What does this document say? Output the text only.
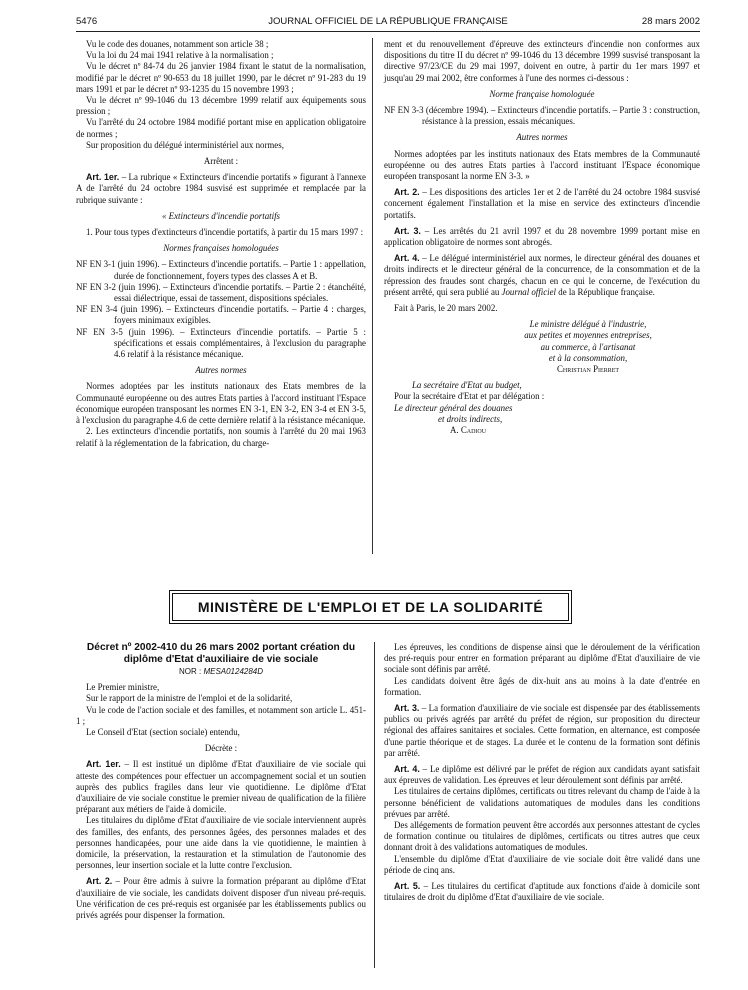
5476	JOURNAL OFFICIEL DE LA RÉPUBLIQUE FRANÇAISE	28 mars 2002

Vu le code des douanes, notamment son article 38 ;

Vu la loi du 24 mai 1941 relative à la normalisation ;

Vu le décret nº 84-74 du 26 janvier 1984 fixant le statut de la normalisation, modifié par le décret nº 90-653 du 18 juillet 1990, par le décret nº 91-283 du 19 mars 1991 et par le décret nº 93-1235 du 15 novembre 1993 ;

Vu le décret nº 99-1046 du 13 décembre 1999 relatif aux équipements sous pression ;

Vu l'arrêté du 24 octobre 1984 modifié portant mise en application obligatoire de normes ;

Sur proposition du délégué interministériel aux normes,

Arrêtent :

Art. 1er. – La rubrique « Extincteurs d'incendie portatifs » figurant à l'annexe A de l'arrêté du 24 octobre 1984 susvisé est supprimée et remplacée par la rubrique suivante :

« Extincteurs d'incendie portatifs

1. Pour tous types d'extincteurs d'incendie portatifs, à partir du 15 mars 1997 :

Normes françaises homologuées

NF EN 3-1 (juin 1996). – Extincteurs d'incendie portatifs. – Partie 1 : appellation, durée de fonctionnement, foyers types des classes A et B.

NF EN 3-2 (juin 1996). – Extincteurs d'incendie portatifs. – Partie 2 : étanchéité, essai diélectrique, essai de tassement, dispositions spéciales.

NF EN 3-4 (juin 1996). – Extincteurs d'incendie portatifs. – Partie 4 : charges, foyers minimaux exigibles.

NF EN 3-5 (juin 1996). – Extincteurs d'incendie portatifs. – Partie 5 : spécifications et essais complémentaires, à l'exclusion du paragraphe 4.6 relatif à la résistance mécanique.

Autres normes

Normes adoptées par les instituts nationaux des Etats membres de la Communauté européenne ou des autres Etats parties à l'accord instituant l'Espace économique européen transposant les normes EN 3-1, EN 3-2, EN 3-4 et EN 3-5, à l'exclusion du paragraphe 4.6 de cette dernière relatif à la résistance mécanique.

2. Les extincteurs d'incendie portatifs, non soumis à l'arrêté du 20 mai 1963 relatif à la réglementation de la fabrication, du charge-

ment et du renouvellement d'épreuve des extincteurs d'incendie non conformes aux dispositions du titre II du décret nº 99-1046 du 13 décembre 1999 susvisé transposant la directive 97/23/CE du 29 mai 1997, doivent en outre, à partir du 1er mars 1997 et jusqu'au 29 mai 2002, être conformes à l'une des normes ci-dessous :

Norme française homologuée

NF EN 3-3 (décembre 1994). – Extincteurs d'incendie portatifs. – Partie 3 : construction, résistance à la pression, essais mécaniques.

Autres normes

Normes adoptées par les instituts nationaux des Etats membres de la Communauté européenne ou des autres Etats parties à l'accord instituant l'Espace économique européen transposant la norme EN 3-3. »

Art. 2. – Les dispositions des articles 1er et 2 de l'arrêté du 24 octobre 1984 susvisé concernent également l'installation et la mise en service des extincteurs d'incendie portatifs.

Art. 3. – Les arrêtés du 21 avril 1997 et du 28 novembre 1999 portant mise en application obligatoire de normes sont abrogés.

Art. 4. – Le délégué interministériel aux normes, le directeur général des douanes et droits indirects et le directeur général de la concurrence, de la consommation et de la répression des fraudes sont chargés, chacun en ce qui le concerne, de l'exécution du présent arrêté, qui sera publié au Journal officiel de la République française.

Fait à Paris, le 20 mars 2002.

Le ministre délégué à l'industrie,

aux petites et moyennes entreprises,

au commerce, à l'artisanat

et à la consommation,

Christian Pierret

La secrétaire d'Etat au budget,

Pour la secrétaire d'Etat et par délégation :

Le directeur général des douanes

et droits indirects,

A. Cadiou

MINISTÈRE DE L'EMPLOI ET DE LA SOLIDARITÉ

Décret nº 2002-410 du 26 mars 2002 portant création du diplôme d'Etat d'auxiliaire de vie sociale

NOR : MESA0124284D

Le Premier ministre,

Sur le rapport de la ministre de l'emploi et de la solidarité,

Vu le code de l'action sociale et des familles, et notamment son article L. 451-1 ;

Le Conseil d'Etat (section sociale) entendu,

Décrète :

Art. 1er. – Il est institué un diplôme d'Etat d'auxiliaire de vie sociale qui atteste des compétences pour effectuer un accompagnement social et un soutien auprès des publics fragiles dans leur vie quotidienne. Le diplôme d'Etat d'auxiliaire de vie sociale constitue le premier niveau de qualification de la filière préparant aux métiers de l'aide à domicile.

Les titulaires du diplôme d'Etat d'auxiliaire de vie sociale interviennent auprès des familles, des enfants, des personnes âgées, des personnes malades et des personnes handicapées, pour une aide dans la vie quotidienne, le maintien à domicile, la préservation, la restauration et la stimulation de l'autonomie des personnes, leur insertion sociale et la lutte contre l'exclusion.

Art. 2. – Pour être admis à suivre la formation préparant au diplôme d'Etat d'auxiliaire de vie sociale, les candidats doivent disposer d'un niveau pré-requis. Une vérification de ces pré-requis est organisée par les établissements publics ou privés agréés pour dispenser la formation.

Les épreuves, les conditions de dispense ainsi que le déroulement de la vérification des pré-requis pour entrer en formation préparant au diplôme d'Etat d'auxiliaire de vie sociale sont définis par arrêté.

Les candidats doivent être âgés de dix-huit ans au moins à la date d'entrée en formation.

Art. 3. – La formation d'auxiliaire de vie sociale est dispensée par des établissements publics ou privés agréés par arrêté du préfet de région, sur proposition du directeur régional des affaires sanitaires et sociales. Cette formation, en alternance, est composée d'une partie théorique et de stages. La durée et le contenu de la formation sont définis par arrêté.

Art. 4. – Le diplôme est délivré par le préfet de région aux candidats ayant satisfait aux épreuves de validation. Les épreuves et leur déroulement sont définis par arrêté.

Les titulaires de certains diplômes, certificats ou titres relevant du champ de l'aide à la personne bénéficient de validations automatiques de modules dans les conditions prévues par arrêté.

Des allégements de formation peuvent être accordés aux personnes attestant de cycles de formation continue ou titulaires de diplômes, certificats ou titres autres que ceux donnant droit à des validations automatiques de modules.

L'ensemble du diplôme d'Etat d'auxiliaire de vie sociale doit être validé dans une période de cinq ans.

Art. 5. – Les titulaires du certificat d'aptitude aux fonctions d'aide à domicile sont titulaires de droit du diplôme d'Etat d'auxiliaire de vie sociale.
